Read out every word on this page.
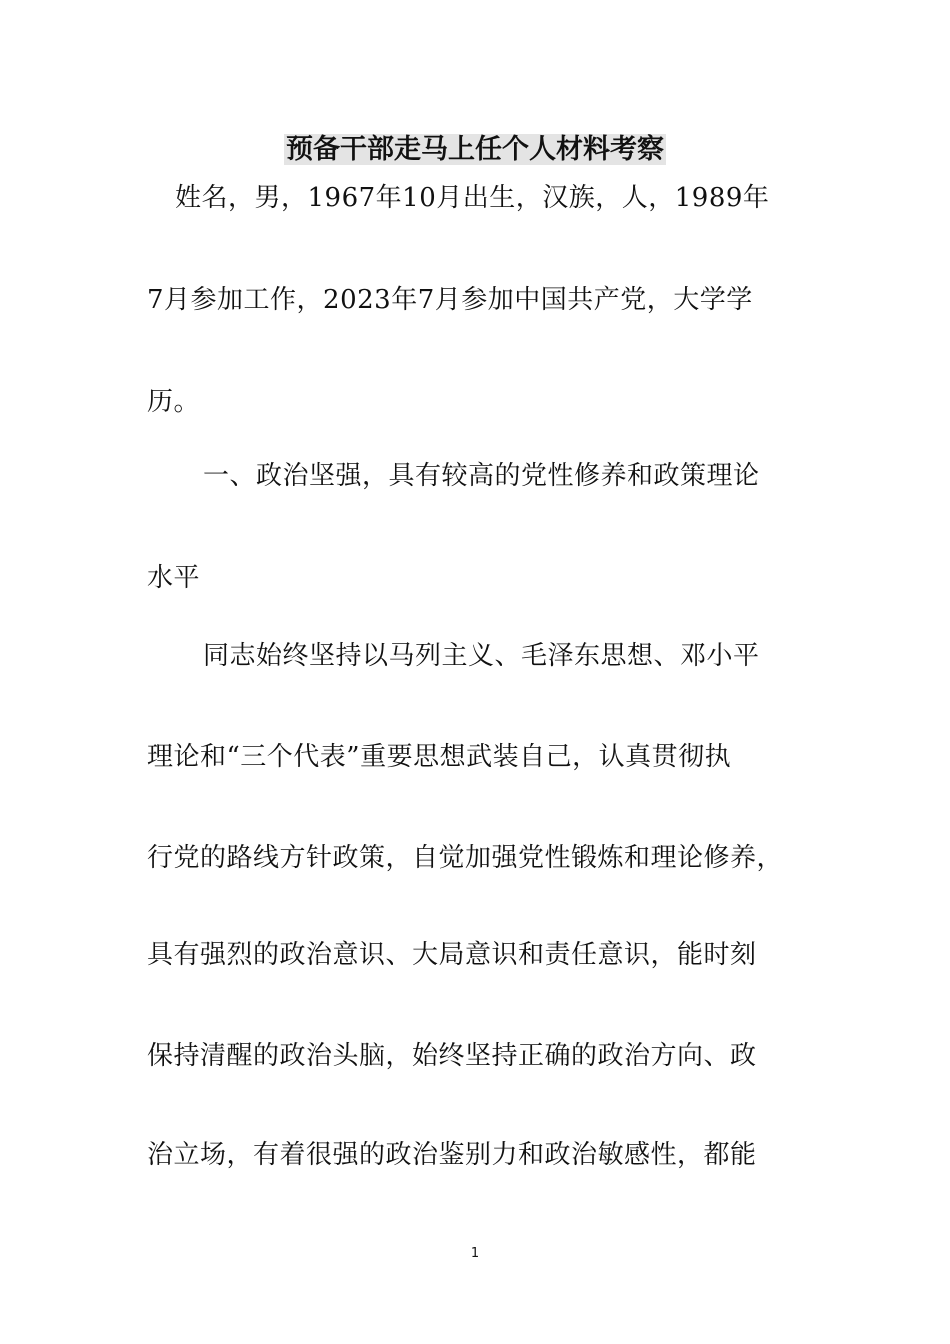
预备干部走马上任个人材料考察
姓名，男，1967年10月出生，汉族，人，1989年
7月参加工作，2023年7月参加中国共产党，大学学
历。
一、政治坚强，具有较高的党性修养和政策理论
水平
同志始终坚持以马列主义、毛泽东思想、邓小平
理论和“三个代表”重要思想武装自己，认真贯彻执
行党的路线方针政策，自觉加强党性锻炼和理论修养，
具有强烈的政治意识、大局意识和责任意识，能时刻
保持清醒的政治头脑，始终坚持正确的政治方向、政
治立场，有着很强的政治鉴别力和政治敏感性，都能
1
